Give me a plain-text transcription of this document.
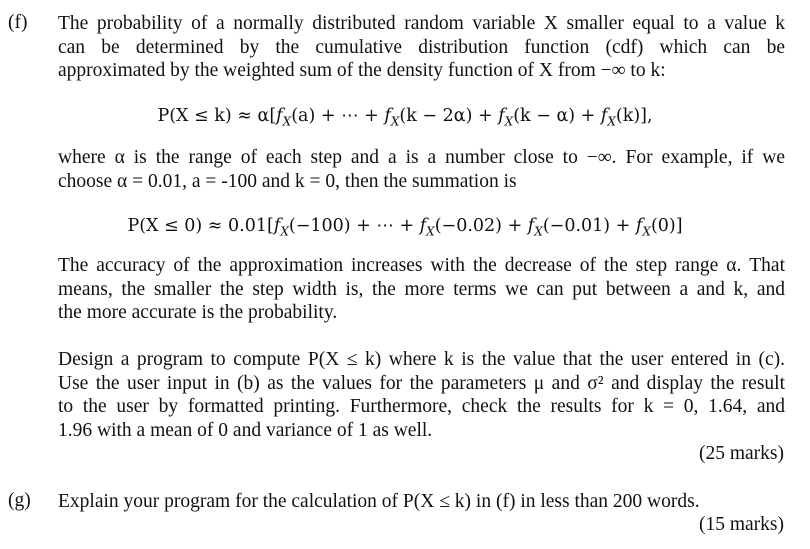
(f) The probability of a normally distributed random variable X smaller equal to a value k
can be determined by the cumulative distribution function (cdf) which can be
approximated by the weighted sum of the density function of X from −∞ to k:
$P(X \le k) \approx \alpha[f_X(a)$ + ⋯ + $f_X(k - 2\alpha) + f_X(k - \alpha) + f_X(k)$],
where α is the range of each step and a is a number close to −∞. For example, if we
choose α = 0.01, a = -100 and k = 0, then the summation is
$P(X \le 0) \approx 0.01[f_X(-100)$ + ⋯ + $f_X(-0.02) + f_X(-0.01) + f_X(0)$]
The accuracy of the approximation increases with the decrease of the step range α. That
means, the smaller the step width is, the more terms we can put between a and k, and
the more accurate is the probability.
Design a program to compute P(X ≤ k) where k is the value that the user entered in (c).
Use the user input in (b) as the values for the parameters μ and σ² and display the result
to the user by formatted printing. Furthermore, check the results for k = 0, 1.64, and
1.96 with a mean of 0 and variance of 1 as well.
(25 marks)
(g) Explain your program for the calculation of P(X ≤ k) in (f) in less than 200 words.
(15 marks)
